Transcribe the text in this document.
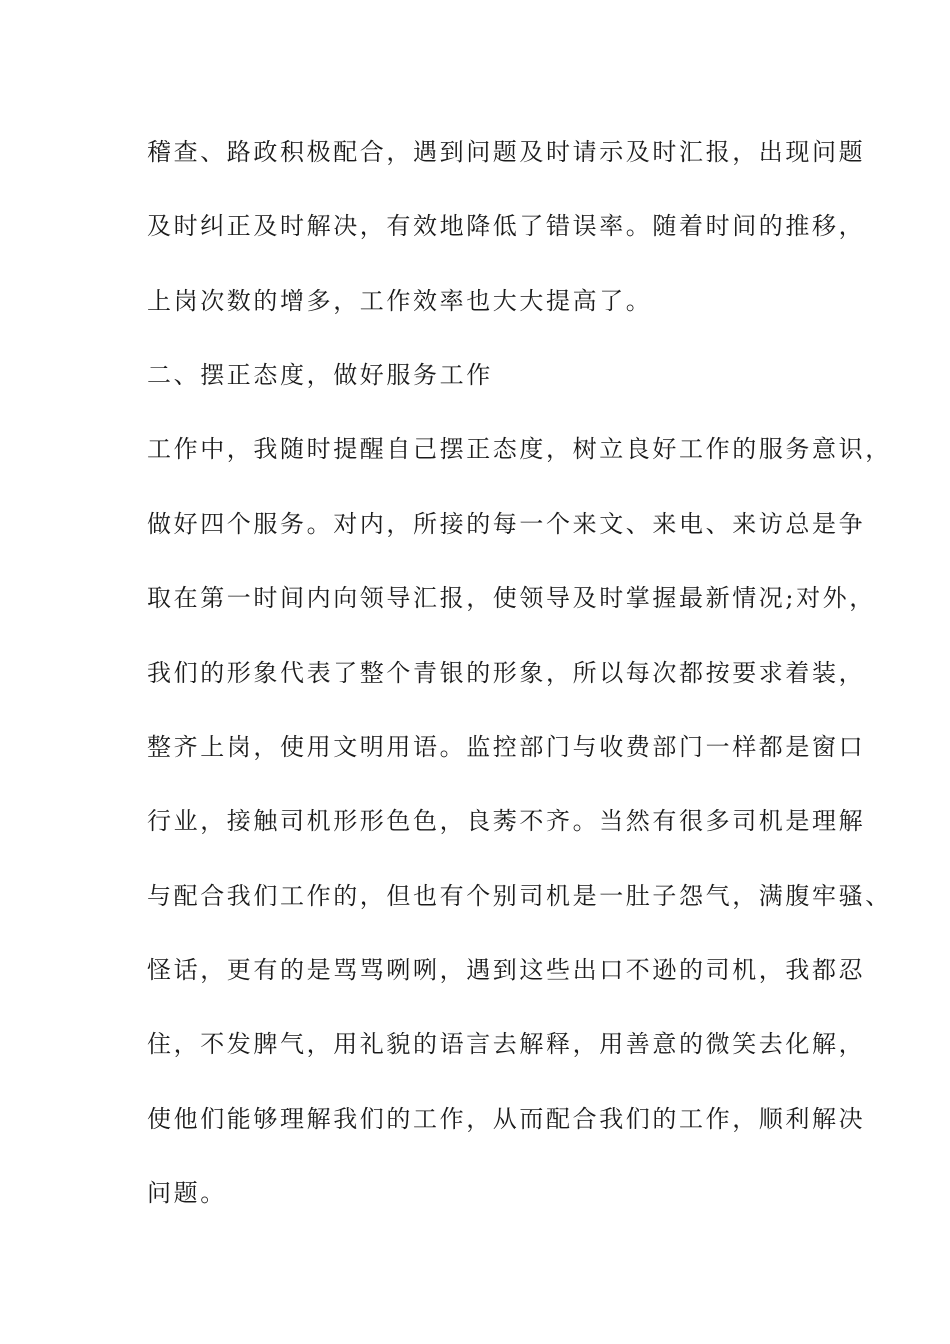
稽查、路政积极配合，遇到问题及时请示及时汇报，出现问题
及时纠正及时解决，有效地降低了错误率。随着时间的推移，
上岗次数的增多，工作效率也大大提高了。
二、摆正态度，做好服务工作
工作中，我随时提醒自己摆正态度，树立良好工作的服务意识，
做好四个服务。对内，所接的每一个来文、来电、来访总是争
取在第一时间内向领导汇报，使领导及时掌握最新情况;对外，
我们的形象代表了整个青银的形象，所以每次都按要求着装，
整齐上岗，使用文明用语。监控部门与收费部门一样都是窗口
行业，接触司机形形色色，良莠不齐。当然有很多司机是理解
与配合我们工作的，但也有个别司机是一肚子怨气，满腹牢骚、
怪话，更有的是骂骂咧咧，遇到这些出口不逊的司机，我都忍
住，不发脾气，用礼貌的语言去解释，用善意的微笑去化解，
使他们能够理解我们的工作，从而配合我们的工作，顺利解决
问题。
